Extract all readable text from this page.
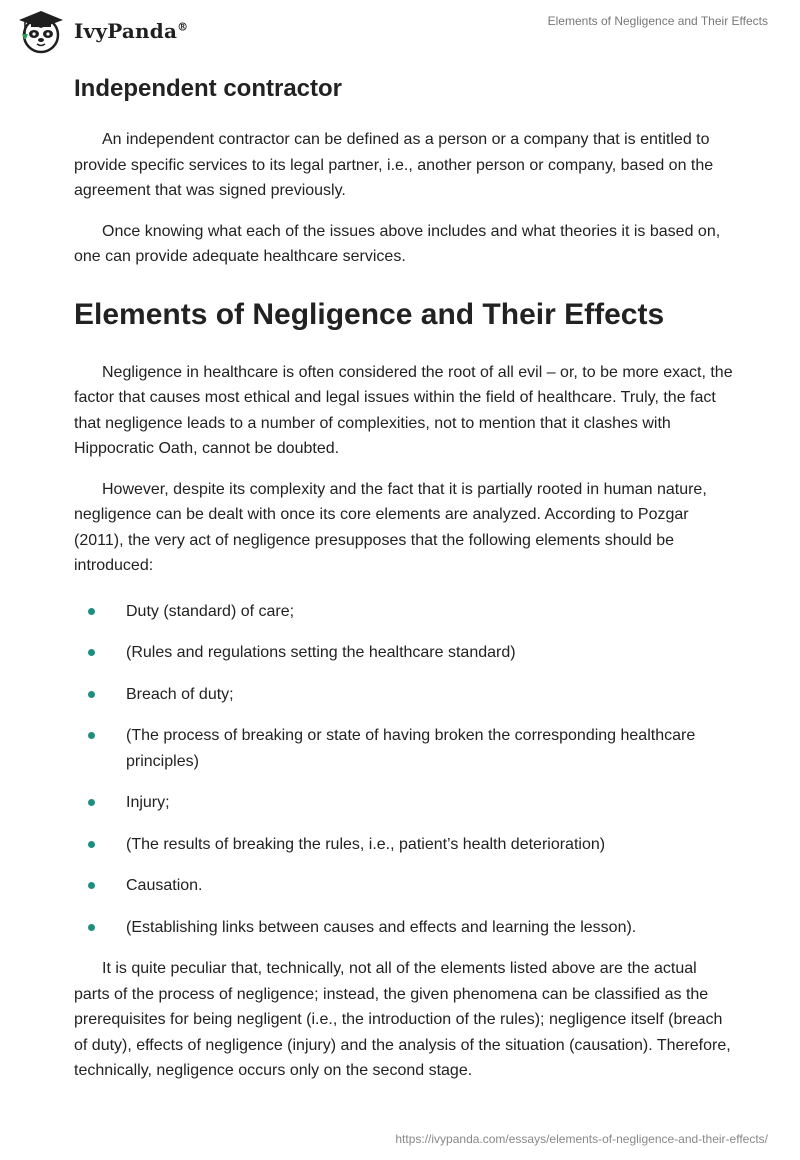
IvyPanda®	Elements of Negligence and Their Effects
Independent contractor

An independent contractor can be defined as a person or a company that is entitled to provide specific services to its legal partner, i.e., another person or company, based on the agreement that was signed previously.

Once knowing what each of the issues above includes and what theories it is based on, one can provide adequate healthcare services.

Elements of Negligence and Their Effects

Negligence in healthcare is often considered the root of all evil – or, to be more exact, the factor that causes most ethical and legal issues within the field of healthcare. Truly, the fact that negligence leads to a number of complexities, not to mention that it clashes with Hippocratic Oath, cannot be doubted.

However, despite its complexity and the fact that it is partially rooted in human nature, negligence can be dealt with once its core elements are analyzed. According to Pozgar (2011), the very act of negligence presupposes that the following elements should be introduced:

Duty (standard) of care;
(Rules and regulations setting the healthcare standard)
Breach of duty;
(The process of breaking or state of having broken the corresponding healthcare principles)
Injury;
(The results of breaking the rules, i.e., patient’s health deterioration)
Causation.
(Establishing links between causes and effects and learning the lesson).

It is quite peculiar that, technically, not all of the elements listed above are the actual parts of the process of negligence; instead, the given phenomena can be classified as the prerequisites for being negligent (i.e., the introduction of the rules); negligence itself (breach of duty), effects of negligence (injury) and the analysis of the situation (causation). Therefore, technically, negligence occurs only on the second stage.

https://ivypanda.com/essays/elements-of-negligence-and-their-effects/
